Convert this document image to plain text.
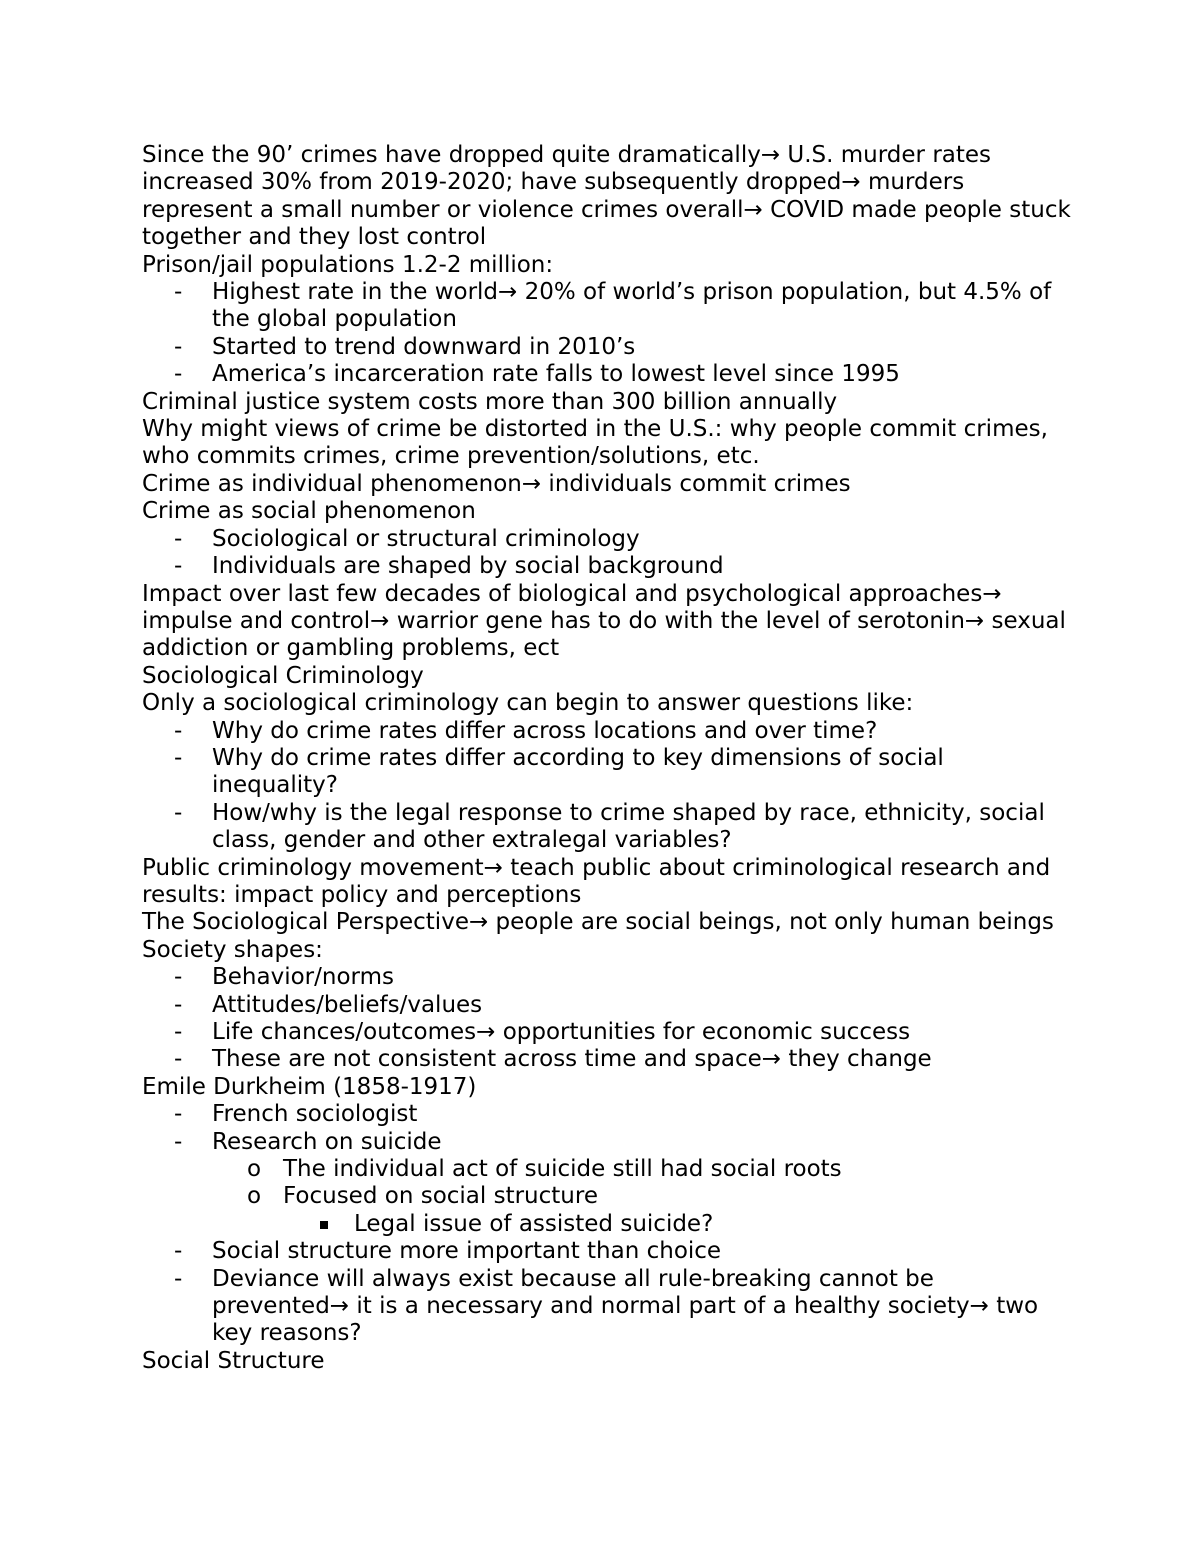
Since the 90’ crimes have dropped quite dramatically→ U.S. murder rates increased 30% from 2019-2020; have subsequently dropped→ murders represent a small number or violence crimes overall→ COVID made people stuck together and they lost control
Prison/jail populations 1.2-2 million:
- Highest rate in the world→ 20% of world’s prison population, but 4.5% of the global population
- Started to trend downward in 2010’s
- America’s incarceration rate falls to lowest level since 1995
Criminal justice system costs more than 300 billion annually
Why might views of crime be distorted in the U.S.: why people commit crimes, who commits crimes, crime prevention/solutions, etc.
Crime as individual phenomenon→ individuals commit crimes
Crime as social phenomenon
- Sociological or structural criminology
- Individuals are shaped by social background
Impact over last few decades of biological and psychological approaches→ impulse and control→ warrior gene has to do with the level of serotonin→ sexual addiction or gambling problems, ect
Sociological Criminology
Only a sociological criminology can begin to answer questions like:
- Why do crime rates differ across locations and over time?
- Why do crime rates differ according to key dimensions of social inequality?
- How/why is the legal response to crime shaped by race, ethnicity, social class, gender and other extralegal variables?
Public criminology movement→ teach public about criminological research and results: impact policy and perceptions
The Sociological Perspective→ people are social beings, not only human beings
Society shapes:
- Behavior/norms
- Attitudes/beliefs/values
- Life chances/outcomes→ opportunities for economic success
- These are not consistent across time and space→ they change
Emile Durkheim (1858-1917)
- French sociologist
- Research on suicide
o The individual act of suicide still had social roots
o Focused on social structure
Legal issue of assisted suicide?
- Social structure more important than choice
- Deviance will always exist because all rule-breaking cannot be prevented→ it is a necessary and normal part of a healthy society→ two key reasons?
Social Structure
